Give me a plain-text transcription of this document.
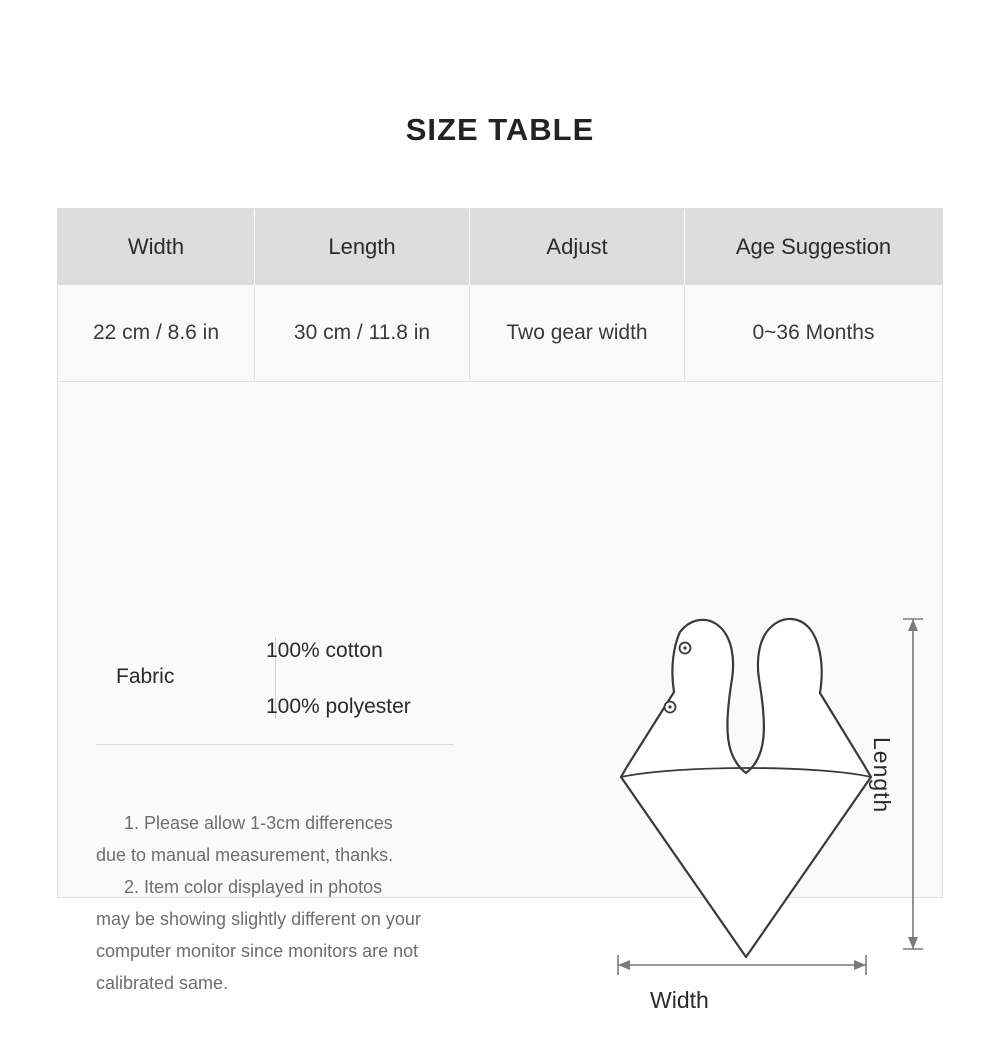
SIZE TABLE
Width	Length	Adjust	Age Suggestion
22 cm / 8.6 in	30 cm / 11.8 in	Two gear width	0~36 Months
Fabric
100% cotton
100% polyester

1. Please allow 1-3cm differences

due to manual measurement, thanks.

2. Item color displayed in photos

may be showing slightly different on your

computer monitor since monitors are not

calibrated same.

Width
Length
